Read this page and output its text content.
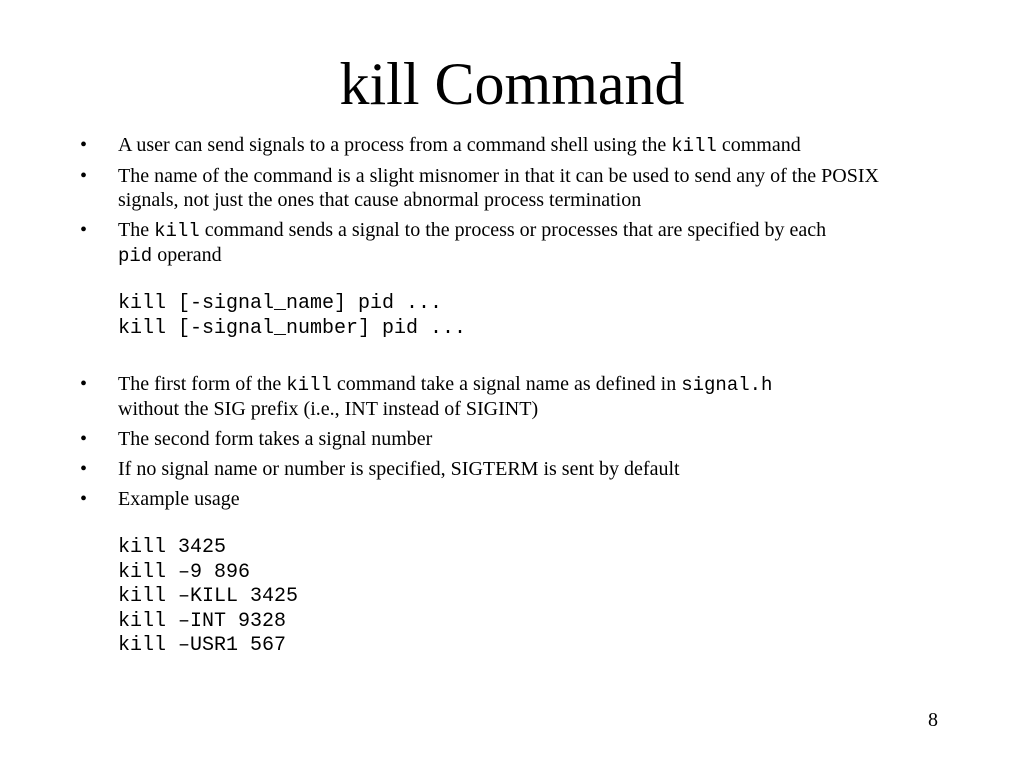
kill Command
•	A user can send signals to a process from a command shell using the kill command
•	The name of the command is a slight misnomer in that it can be used to send any of the POSIX signals, not just the ones that cause abnormal process termination
•	The kill command sends a signal to the process or processes that are specified by each
pid operand
kill [-signal_name] pid ...
kill [-signal_number] pid ...
•	The first form of the kill command take a signal name as defined in signal.h
without the SIG prefix (i.e., INT instead of SIGINT)
•	The second form takes a signal number
•	If no signal name or number is specified, SIGTERM is sent by default
•	Example usage
kill 3425
kill –9 896
kill –KILL 3425
kill –INT 9328
kill –USR1 567
8
